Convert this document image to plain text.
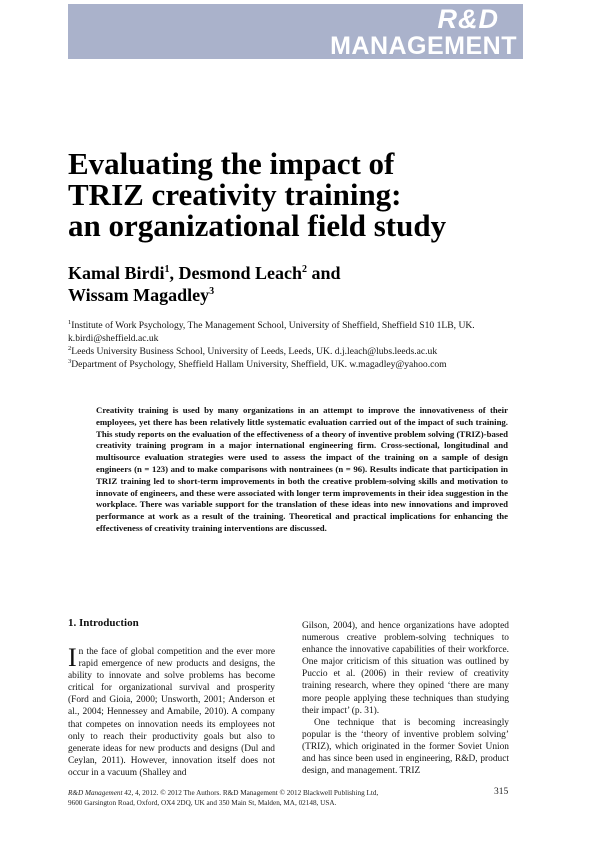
R&D
MANAGEMENT
Evaluating the impact of
TRIZ creativity training:
an organizational field study
Kamal Birdi$^1$, Desmond Leach$^2$ and
Wissam Magadley$^3$
$^1$Institute of Work Psychology, The Management School, University of Sheffield, Sheffield S10 1LB, UK. k.birdi@sheffield.ac.uk
$^2$Leeds University Business School, University of Leeds, Leeds, UK. d.j.leach@lubs.leeds.ac.uk
$^3$Department of Psychology, Sheffield Hallam University, Sheffield, UK. w.magadley@yahoo.com
Creativity training is used by many organizations in an attempt to improve the innovativeness of their employees, yet there has been relatively little systematic evaluation carried out of the impact of such training. This study reports on the evaluation of the effectiveness of a theory of inventive problem solving (TRIZ)-based creativity training program in a major international engineering firm. Cross-sectional, longitudinal and multisource evaluation strategies were used to assess the impact of the training on a sample of design engineers (n = 123) and to make comparisons with nontrainees (n = 96). Results indicate that participation in TRIZ training led to short-term improvements in both the creative problem-solving skills and motivation to innovate of engineers, and these were associated with longer term improvements in their idea suggestion in the workplace. There was variable support for the translation of these ideas into new innovations and improved performance at work as a result of the training. Theoretical and practical implications for enhancing the effectiveness of creativity training interventions are discussed.
1. Introduction

In the face of global competition and the ever more rapid emergence of new products and designs, the ability to innovate and solve problems has become critical for organizational survival and prosperity (Ford and Gioia, 2000; Unsworth, 2001; Anderson et al., 2004; Hennessey and Amabile, 2010). A company that competes on innovation needs its employees not only to reach their productivity goals but also to generate ideas for new products and designs (Dul and Ceylan, 2011). However, innovation itself does not occur in a vacuum (Shalley and

Gilson, 2004), and hence organizations have adopted numerous creative problem-solving techniques to enhance the innovative capabilities of their workforce. One major criticism of this situation was outlined by Puccio et al. (2006) in their review of creativity training research, where they opined ‘there are many more people applying these techniques than studying their impact’ (p. 31).

One technique that is becoming increasingly popular is the ‘theory of inventive problem solving’ (TRIZ), which originated in the former Soviet Union and has since been used in engineering, R&D, product design, and management. TRIZ

R&D Management 42, 4, 2012. © 2012 The Authors. R&D Management © 2012 Blackwell Publishing Ltd,
9600 Garsington Road, Oxford, OX4 2DQ, UK and 350 Main St, Malden, MA, 02148, USA.
315
